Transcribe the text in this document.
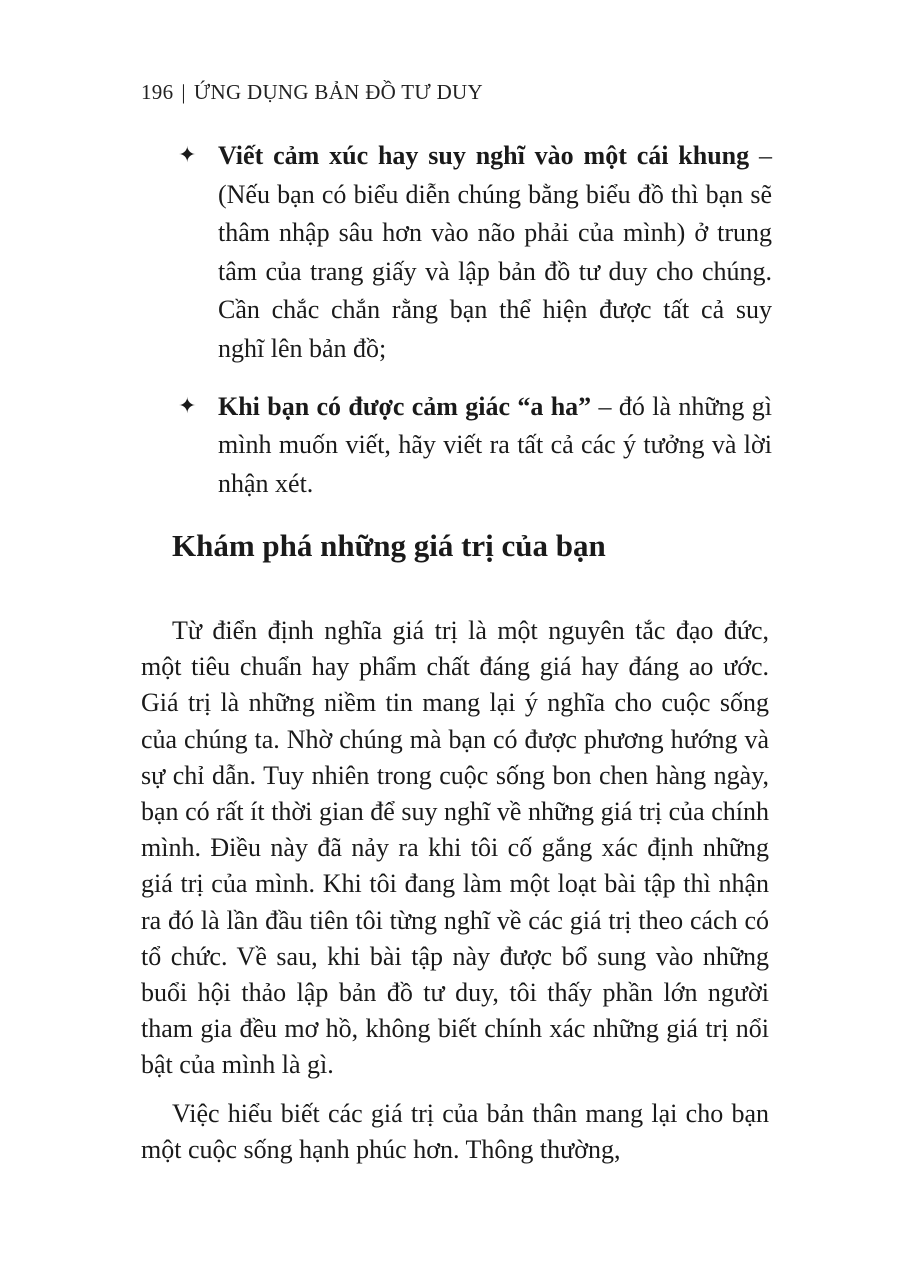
196 | ỨNG DỤNG BẢN ĐỒ TƯ DUY
✦ Viết cảm xúc hay suy nghĩ vào một cái khung – (Nếu bạn có biểu diễn chúng bằng biểu đồ thì bạn sẽ thâm nhập sâu hơn vào não phải của mình) ở trung tâm của trang giấy và lập bản đồ tư duy cho chúng. Cần chắc chắn rằng bạn thể hiện được tất cả suy nghĩ lên bản đồ;
✦ Khi bạn có được cảm giác “a ha” – đó là những gì mình muốn viết, hãy viết ra tất cả các ý tưởng và lời nhận xét.
Khám phá những giá trị của bạn

Từ điển định nghĩa giá trị là một nguyên tắc đạo đức, một tiêu chuẩn hay phẩm chất đáng giá hay đáng ao ước. Giá trị là những niềm tin mang lại ý nghĩa cho cuộc sống của chúng ta. Nhờ chúng mà bạn có được phương hướng và sự chỉ dẫn. Tuy nhiên trong cuộc sống bon chen hàng ngày, bạn có rất ít thời gian để suy nghĩ về những giá trị của chính mình. Điều này đã nảy ra khi tôi cố gắng xác định những giá trị của mình. Khi tôi đang làm một loạt bài tập thì nhận ra đó là lần đầu tiên tôi từng nghĩ về các giá trị theo cách có tổ chức. Về sau, khi bài tập này được bổ sung vào những buổi hội thảo lập bản đồ tư duy, tôi thấy phần lớn người tham gia đều mơ hồ, không biết chính xác những giá trị nổi bật của mình là gì.

Việc hiểu biết các giá trị của bản thân mang lại cho bạn một cuộc sống hạnh phúc hơn. Thông thường,
